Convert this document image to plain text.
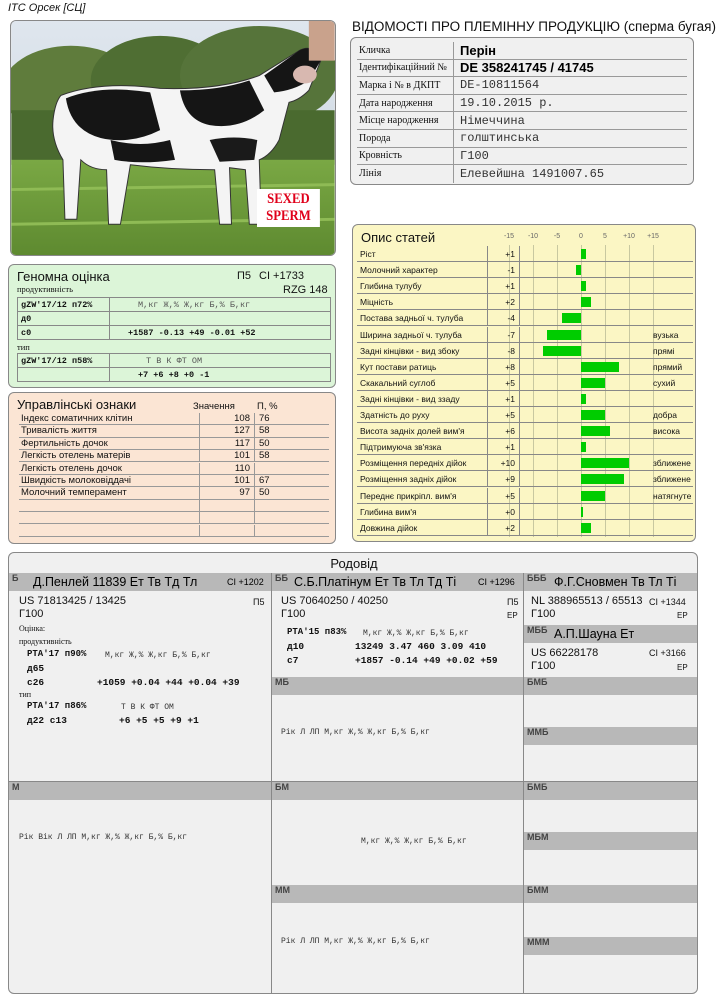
ІТС Орсек [СЦ]
ВІДОМОСТІ ПРО ПЛЕМІННУ ПРОДУКЦІЮ (сперма бугая)
SEXED SPERM
Кличка	Перін
Ідентифікаційний №	DE 358241745 / 41745
Марка і № в ДКПТ	DE-10811564
Дата народження	19.10.2015 р.
Місце народження	Німеччина
Порода	голштинська
Кровність	Г100
Лінія	Елевейшна 1491007.65
Опис статей	-15	-10	-5	0	5	+10	+15
Ріст	+1
Молочний характер	-1
Глибина тулубу	+1
Міцність	+2
Постава задньої ч. тулуба	-4
Ширина задньої ч. тулуба	-7	вузька
Задні кінцівки - вид збоку	-8	прямі
Кут постави ратиць	+8	прямий
Скакальний суглоб	+5	сухий
Задні кінцівки - вид ззаду	+1
Здатність до руху	+5	добра
Висота задніх долей вим'я	+6	висока
Підтримуюча зв'язка	+1
Розміщення передніх дійок	+10	зближене
Розміщення задніх дійок	+9	зближене
Переднє прикріпл. вим'я	+5	натягнуте
Глибина вим'я	+0
Довжина дійок	+2
Геномна оцінка	П5 CI +1733
продуктивність	RZG 148
gZW'17/12 п72%	М,кг Ж,% Ж,кг Б,% Б,кг
д0	
с0	+1587 -0.13 +49 -0.01 +52
тип
gZW'17/12 п58%	Т В К ФТ ОМ
	+7 +6 +8 +0 -1
Управлінські ознаки	Значення П, %
Індекс соматичних клітин	108 76
Тривалість життя	127 58
Фертильність дочок	117 50
Легкість отелень матерів	101 58
Легкість отелень дочок	110
Швидкість молоковіддачі	101 67
Молочний темперамент	97 50
Родовід
Б Д.Пенлей 11839 Ет Тв Тд Тл	CI +1202
US 71813425 / 13425	П5
Г100
Оцінка:
продуктивність
PTA'17 п90% М,кг Ж,% Ж,кг Б,% Б,кг
д65
с26	+1059 +0.04 +44 +0.04 +39
тип
PTA'17 п86%	Т В К ФТ ОМ
д22 с13	+6 +5 +5 +9 +1
ББ С.Б.Платінум Ет Тв Тл Тд Ті CI +1296
US 70640250 / 40250	П5
Г100	ЕР
PTA'15 п83% М,кг Ж,% Ж,кг Б,% Б,кг
д10	13249 3.47 460 3.09 410
с7	+1857 -0.14 +49 +0.02 +59
БББ Ф.Г.Сновмен Тв Тл Ті
NL 388965513 / 65513 CI +1344
Г100	ЕР
МББ А.П.Шауна Ет
US 66228178	CI +3166
Г100	ЕР
МБ
Рік Л ЛП М,кг Ж,% Ж,кг Б,% Б,кг
БМБ
ММБ
М
Рік Вік Л ЛП М,кг Ж,% Ж,кг Б,% Б,кг
БМ
М,кг Ж,% Ж,кг Б,% Б,кг
БМБ
МБМ
ММ
Рік Л ЛП М,кг Ж,% Ж,кг Б,% Б,кг
БММ
МММ
